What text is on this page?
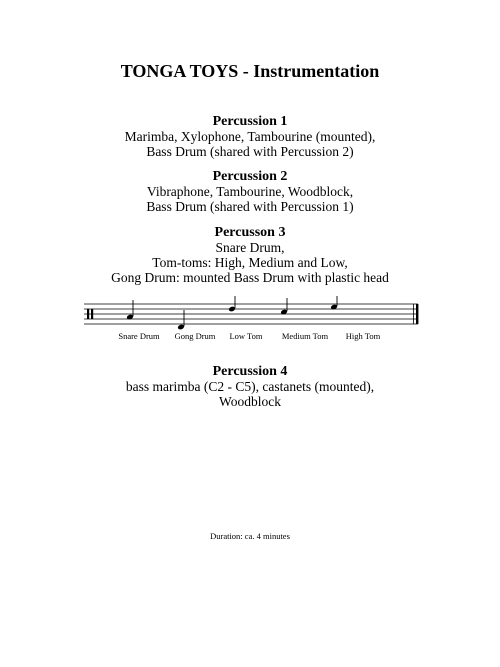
TONGA TOYS - Instrumentation
Percussion 1
Marimba, Xylophone, Tambourine (mounted),
Bass Drum (shared with Percussion 2)
Percussion 2
Vibraphone, Tambourine, Woodblock,
Bass Drum (shared with Percussion 1)
Percusson 3
Snare Drum,
Tom-toms: High, Medium and Low,
Gong Drum: mounted Bass Drum with plastic head
Snare Drum Gong Drum Low Tom Medium Tom High Tom
Percussion 4
bass marimba (C2 - C5), castanets (mounted),
Woodblock
Duration: ca. 4 minutes
